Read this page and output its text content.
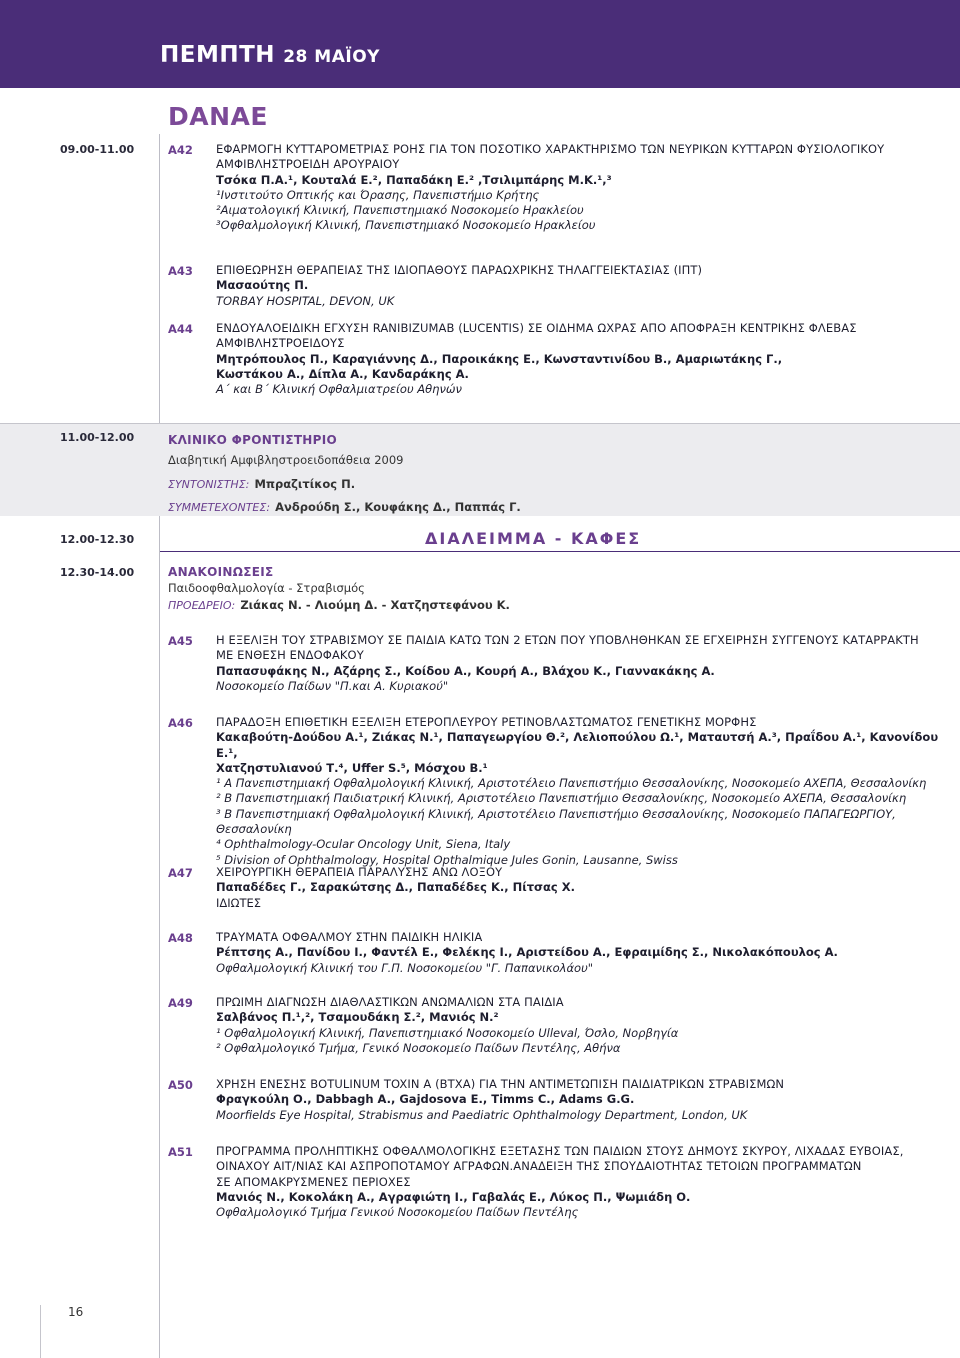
ΠΕΜΠΤΗ 28 ΜΑΪΟΥ
DANAE
09.00-11.00	A42 ΕΦΑΡΜΟΓΗ ΚΥΤΤΑΡΟΜΕΤΡΙΑΣ ΡΟΗΣ ΓΙΑ ΤΟΝ ΠΟΣΟΤΙΚΟ ΧΑΡΑΚΤΗΡΙΣΜΟ ΤΩΝ ΝΕΥΡΙΚΩΝ ΚΥΤΤΑΡΩΝ ΦΥΣΙΟΛΟΓΙΚΟΥ
ΑΜΦΙΒΛΗΣΤΡΟΕΙΔΗ ΑΡΟΥΡΑΙΟΥ
Τσόκα Π.Α.¹, Κουταλά Ε.², Παπαδάκη Ε.² ,Τσιλιμπάρης Μ.Κ.¹,³
¹Ινστιτούτο Οπτικής και Όρασης, Πανεπιστήμιο Κρήτης
²Αιματολογική Κλινική, Πανεπιστημιακό Νοσοκομείο Ηρακλείου
³Οφθαλμολογική Κλινική, Πανεπιστημιακό Νοσοκομείο Ηρακλείου
A43 ΕΠΙΘΕΩΡΗΣΗ ΘΕΡΑΠΕΙΑΣ ΤΗΣ ΙΔΙΟΠΑΘΟΥΣ ΠΑΡΑΩΧΡΙΚΗΣ ΤΗΛΑΓΓΕΙΕΚΤΑΣΙΑΣ (ΙΠΤ)
Μασαούτης Π.
TORBAY HOSPITAL, DEVON, UK
A44 ΕΝΔΟΥΑΛΟΕΙΔΙΚΗ ΕΓΧΥΣΗ RANIBIZUMAB (LUCENTIS) ΣΕ ΟΙΔΗΜΑ ΩΧΡΑΣ ΑΠΟ ΑΠΟΦΡΑΞΗ ΚΕΝΤΡΙΚΗΣ ΦΛΕΒΑΣ
ΑΜΦΙΒΛΗΣΤΡΟΕΙΔΟΥΣ
Μητρόπουλος Π., Καραγιάννης Δ., Παροικάκης Ε., Κωνσταντινίδου Β., Αμαριωτάκης Γ.,
Κωστάκου Α., Δίπλα Α., Κανδαράκης Α.
Α΄ και Β΄ Κλινική Οφθαλμιατρείου Αθηνών
11.00-12.00	ΚΛΙΝΙΚΟ ΦΡΟΝΤΙΣΤΗΡΙΟ
Διαβητική Αμφιβληστροειδοπάθεια 2009
ΣΥΝΤΟΝΙΣΤΗΣ: Μπραζιτίκος Π.
ΣΥΜΜΕΤΕΧΟΝΤΕΣ: Ανδρούδη Σ., Κουφάκης Δ., Παππάς Γ.
12.00-12.30	ΔΙΑΛΕΙΜΜΑ - ΚΑΦΕΣ
12.30-14.00	ΑΝΑΚΟΙΝΩΣΕΙΣ
Παιδοοφθαλμολογία - Στραβισμός
ΠΡΟΕΔΡΕΙΟ: Ζιάκας Ν. - Λιούμη Δ. - Χατζηστεφάνου Κ.
A45 Η ΕΞΕΛΙΞΗ ΤΟΥ ΣΤΡΑΒΙΣΜΟΥ ΣΕ ΠΑΙΔΙΑ ΚΑΤΩ ΤΩΝ 2 ΕΤΩΝ ΠΟΥ ΥΠΟΒΛΗΘΗΚΑΝ ΣΕ ΕΓΧΕΙΡΗΣΗ ΣΥΓΓΕΝΟΥΣ ΚΑΤΑΡΡΑΚΤΗ
ΜΕ ΕΝΘΕΣΗ ΕΝΔΟΦΑΚΟΥ
Παπασυφάκης Ν., Αζάρης Σ., Κοίδου Α., Κουρή Α., Βλάχου Κ., Γιαννακάκης Α.
Νοσοκομείο Παίδων "Π.και Α. Κυριακού"
A46 ΠΑΡΑΔΟΞΗ ΕΠΙΘΕΤΙΚΗ ΕΞΕΛΙΞΗ ΕΤΕΡΟΠΛΕΥΡΟΥ ΡΕΤΙΝΟΒΛΑΣΤΩΜΑΤΟΣ ΓΕΝΕΤΙΚΗΣ ΜΟΡΦΗΣ
Κακαβούτη-Δούδου Α.¹, Ζιάκας Ν.¹, Παπαγεωργίου Θ.², Λελιοπούλου Ω.¹, Ματαυτσή Α.³, Πραΐδου Α.¹, Κανονίδου Ε.¹,
Χατζηστυλιανού Τ.⁴, Uffer S.⁵, Μόσχου Β.¹
¹ Α Πανεπιστημιακή Οφθαλμολογική Κλινική, Αριστοτέλειο Πανεπιστήμιο Θεσσαλονίκης, Νοσοκομείο ΑΧΕΠΑ, Θεσσαλονίκη
² Β Πανεπιστημιακή Παιδιατρική Κλινική, Αριστοτέλειο Πανεπιστήμιο Θεσσαλονίκης, Νοσοκομείο ΑΧΕΠΑ, Θεσσαλονίκη
³ Β Πανεπιστημιακή Οφθαλμολογική Κλινική, Αριστοτέλειο Πανεπιστήμιο Θεσσαλονίκης, Νοσοκομείο ΠΑΠΑΓΕΩΡΓΙΟΥ, Θεσσαλονίκη
⁴ Ophthalmology-Ocular Oncology Unit, Siena, Italy
⁵ Division of Ophthalmology, Hospital Opthalmique Jules Gonin, Lausanne, Swiss
A47 ΧΕΙΡΟΥΡΓΙΚΗ ΘΕΡΑΠΕΙΑ ΠΑΡΑΛΥΣΗΣ ΑΝΩ ΛΟΞΟΥ
Παπαδέδες Γ., Σαρακώτσης Δ., Παπαδέδες Κ., Πίτσας Χ.
ΙΔΙΩΤΕΣ
A48 ΤΡΑΥΜΑΤΑ ΟΦΘΑΛΜΟΥ ΣΤΗΝ ΠΑΙΔΙΚΗ ΗΛΙΚΙΑ
Ρέπτσης Α., Πανίδου Ι., Φαντέλ Ε., Φελέκης Ι., Αριστείδου Α., Εφραιμίδης Σ., Νικολακόπουλος Α.
Οφθαλμολογική Κλινική του Γ.Π. Νοσοκομείου "Γ. Παπανικολάου"
A49 ΠΡΩΙΜΗ ΔΙΑΓΝΩΣΗ ΔΙΑΘΛΑΣΤΙΚΩΝ ΑΝΩΜΑΛΙΩΝ ΣΤΑ ΠΑΙΔΙΑ
Σαλβάνος Π.¹,², Τσαμουδάκη Σ.², Μανιός Ν.²
¹ Οφθαλμολογική Κλινική, Πανεπιστημιακό Νοσοκομείο Ulleval, Όσλο, Νορβηγία
² Οφθαλμολογικό Τμήμα, Γενικό Νοσοκομείο Παίδων Πεντέλης, Αθήνα
A50 ΧΡΗΣΗ ΕΝΕΣΗΣ BOTULINUM TOXIN A (BTXA) ΓΙΑ ΤΗΝ ΑΝΤΙΜΕΤΩΠΙΣΗ ΠΑΙΔΙΑΤΡΙΚΩΝ ΣΤΡΑΒΙΣΜΩΝ
Φραγκούλη Ο., Dabbagh A., Gajdosova E., Timms C., Adams G.G.
Moorfields Eye Hospital, Strabismus and Paediatric Ophthalmology Department, London, UK
A51 ΠΡΟΓΡΑΜΜΑ ΠΡΟΛΗΠΤΙΚΗΣ ΟΦΘΑΛΜΟΛΟΓΙΚΗΣ ΕΞΕΤΑΣΗΣ ΤΩΝ ΠΑΙΔΙΩΝ ΣΤΟΥΣ ΔΗΜΟΥΣ ΣΚΥΡΟΥ, ΛΙΧΑΔΑΣ ΕΥΒΟΙΑΣ,
ΟΙΝΑΧΟΥ ΑΙΤ/ΝΙΑΣ ΚΑΙ ΑΣΠΡΟΠΟΤΑΜΟΥ ΑΓΡΑΦΩΝ.ΑΝΑΔΕΙΞΗ ΤΗΣ ΣΠΟΥΔΑΙΟΤΗΤΑΣ ΤΕΤΟΙΩΝ ΠΡΟΓΡΑΜΜΑΤΩΝ
ΣΕ ΑΠΟΜΑΚΡΥΣΜΕΝΕΣ ΠΕΡΙΟΧΕΣ
Μανιός Ν., Κοκολάκη Α., Αγραφιώτη Ι., Γαβαλάς Ε., Λύκος Π., Ψωμιάδη Ο.
Οφθαλμολογικό Τμήμα Γενικού Νοσοκομείου Παίδων Πεντέλης
16
